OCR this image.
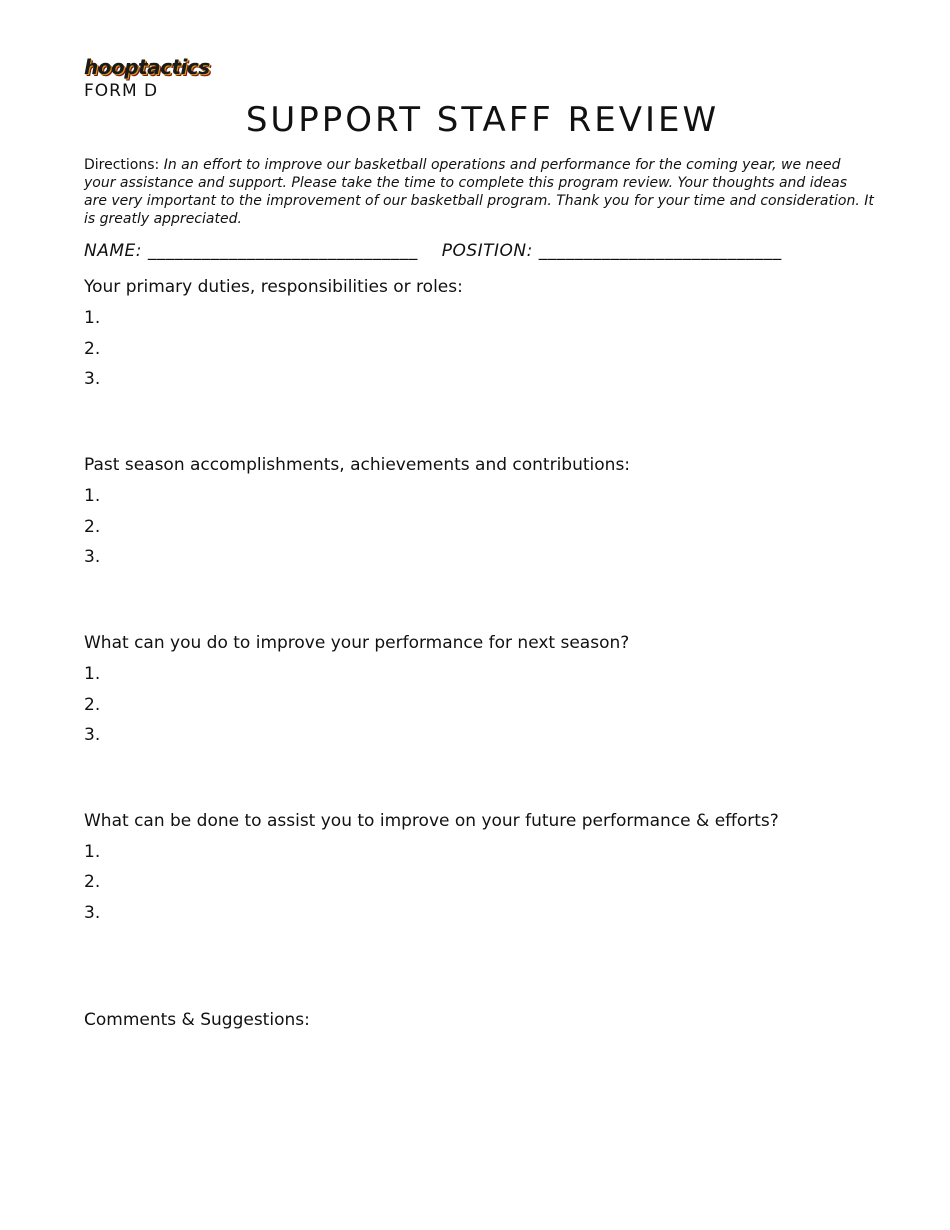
hooptactics
FORM D
SUPPORT STAFF REVIEW
Directions: In an effort to improve our basketball operations and performance for the coming year, we need your assistance and support. Please take the time to complete this program review. Your thoughts and ideas are very important to the improvement of our basketball program. Thank you for your time and consideration. It is greatly appreciated.
NAME: ______________________________ POSITION: ___________________________
Your primary duties, responsibilities or roles:
1.
2.
3.
Past season accomplishments, achievements and contributions:
1.
2.
3.
What can you do to improve your performance for next season?
1.
2.
3.
What can be done to assist you to improve on your future performance & efforts?
1.
2.
3.
Comments & Suggestions:
